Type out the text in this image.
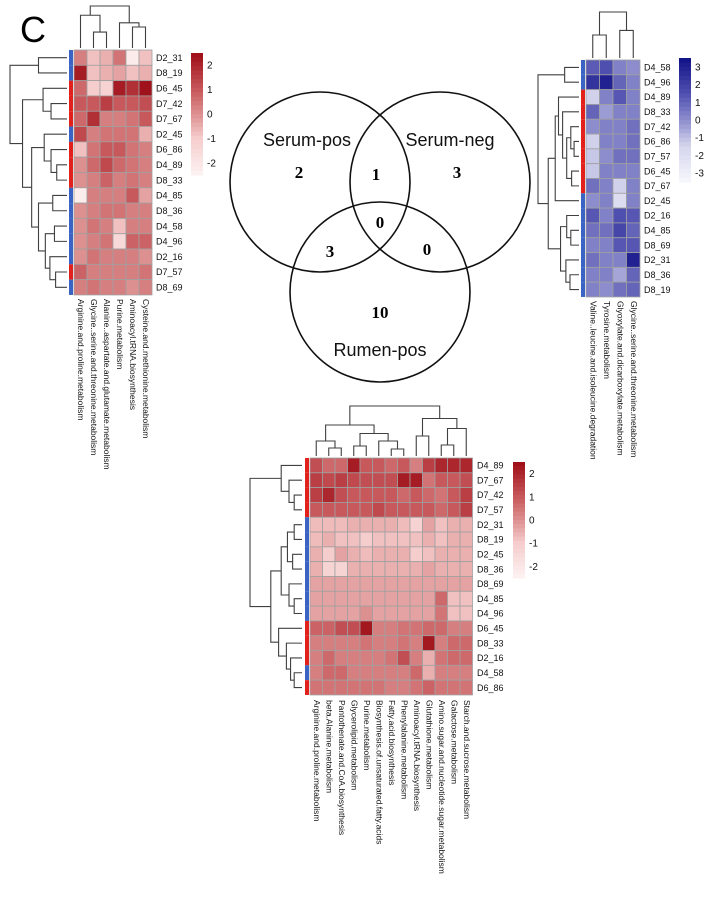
C
D2_31
D8_19
D6_45
D7_42
D7_67
D2_45
D6_86
D4_89
D8_33
D4_85
D8_36
D4_58
D4_96
D2_16
D7_57
D8_69
Arginine.and.proline.metabolism Glycine..serine.and.threonine.metabolism Alanine..aspartate.and.glutamate.metabolism Purine.metabolism Aminoacyl.tRNA.biosynthesis Cysteine.and.methionine.metabolism
2
1
0
-1
-2
D4_58
D4_96
D4_89
D8_33
D7_42
D6_86
D7_57
D6_45
D7_67
D2_45
D2_16
D4_85
D8_69
D2_31
D8_36
D8_19
Valine..leucine.and.isoleucine.degradation Tyrosine.metabolism Glyoxylate.and.dicarboxylate.metabolism Glycine..serine.and.threonine.metabolism
3
2
1
0
-1
-2
-3
D4_89
D7_67
D7_42
D7_57
D2_31
D8_19
D2_45
D8_36
D8_69
D4_85
D4_96
D6_45
D8_33
D2_16
D4_58
D6_86
Arginine.and.proline.metabolism beta.Alanine.metabolism Pantothenate.and.CoA.biosynthesis Glycerolipid.metabolism Purine.metabolism Biosynthesis.of.unsaturated.fatty.acids Fatty.acid.biosynthesis Phenylalanine.metabolism Aminoacyl.tRNA.biosynthesis Glutathione.metabolism Amino.sugar.and.nucleotide.sugar.metabolism Galactose.metabolism Starch.and.sucrose.metabolism
2
1
0
-1
-2
Serum-pos	Serum-neg
Rumen-pos
2	3
10
1
3	0
0
